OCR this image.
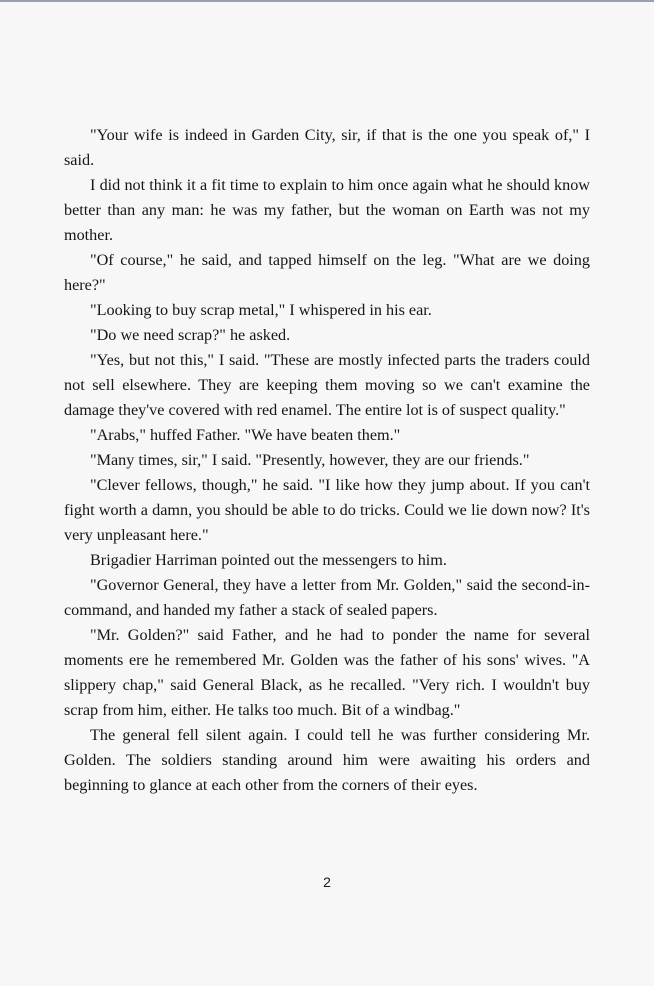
"Your wife is indeed in Garden City, sir, if that is the one you speak of," I said.

I did not think it a fit time to explain to him once again what he should know better than any man: he was my father, but the woman on Earth was not my mother.

"Of course," he said, and tapped himself on the leg. "What are we doing here?"

"Looking to buy scrap metal," I whispered in his ear.

"Do we need scrap?" he asked.

"Yes, but not this," I said. "These are mostly infected parts the traders could not sell elsewhere. They are keeping them moving so we can't examine the damage they've covered with red enamel. The entire lot is of suspect quality."

"Arabs," huffed Father. "We have beaten them."

"Many times, sir," I said. "Presently, however, they are our friends."

"Clever fellows, though," he said. "I like how they jump about. If you can't fight worth a damn, you should be able to do tricks. Could we lie down now? It's very unpleasant here."

Brigadier Harriman pointed out the messengers to him.

"Governor General, they have a letter from Mr. Golden," said the second-in-command, and handed my father a stack of sealed papers.

"Mr. Golden?" said Father, and he had to ponder the name for several moments ere he remembered Mr. Golden was the father of his sons' wives. "A slippery chap," said General Black, as he recalled. "Very rich. I wouldn't buy scrap from him, either. He talks too much. Bit of a windbag."

The general fell silent again. I could tell he was further considering Mr. Golden. The soldiers standing around him were awaiting his orders and beginning to glance at each other from the corners of their eyes.

2
